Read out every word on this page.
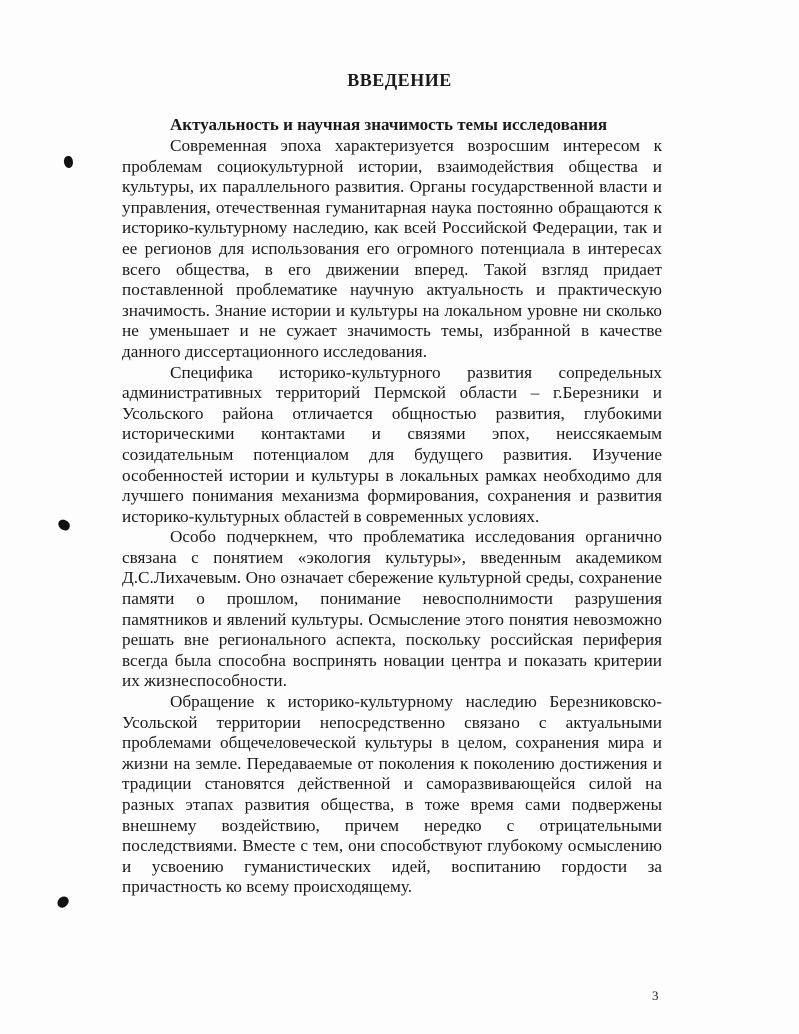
ВВЕДЕНИЕ
Актуальность и научная значимость темы исследования

Современная эпоха характеризуется возросшим интересом к проблемам социокультурной истории, взаимодействия общества и культуры, их параллельного развития. Органы государственной власти и управления, отечественная гуманитарная наука постоянно обращаются к историко-культурному наследию, как всей Российской Федерации, так и ее регионов для использования его огромного потенциала в интересах всего общества, в его движении вперед. Такой взгляд придает поставленной проблематике научную актуальность и практическую значимость. Знание истории и культуры на локальном уровне ни сколько не уменьшает и не сужает значимость темы, избранной в качестве данного диссертационного исследования.

Специфика историко-культурного развития сопредельных административных территорий Пермской области – г.Березники и Усольского района отличается общностью развития, глубокими историческими контактами и связями эпох, неиссякаемым созидательным потенциалом для будущего развития. Изучение особенностей истории и культуры в локальных рамках необходимо для лучшего понимания механизма формирования, сохранения и развития историко-культурных областей в современных условиях.

Особо подчеркнем, что проблематика исследования органично связана с понятием «экология культуры», введенным академиком Д.С.Лихачевым. Оно означает сбережение культурной среды, сохранение памяти о прошлом, понимание невосполнимости разрушения памятников и явлений культуры. Осмысление этого понятия невозможно решать вне регионального аспекта, поскольку российская периферия всегда была способна воспринять новации центра и показать критерии их жизнеспособности.

Обращение к историко-культурному наследию Березниковско-Усольской территории непосредственно связано с актуальными проблемами общечеловеческой культуры в целом, сохранения мира и жизни на земле. Передаваемые от поколения к поколению достижения и традиции становятся действенной и саморазвивающейся силой на разных этапах развития общества, в тоже время сами подвержены внешнему воздействию, причем нередко с отрицательными последствиями. Вместе с тем, они способствуют глубокому осмыслению и усвоению гуманистических идей, воспитанию гордости за причастность ко всему происходящему.

3
